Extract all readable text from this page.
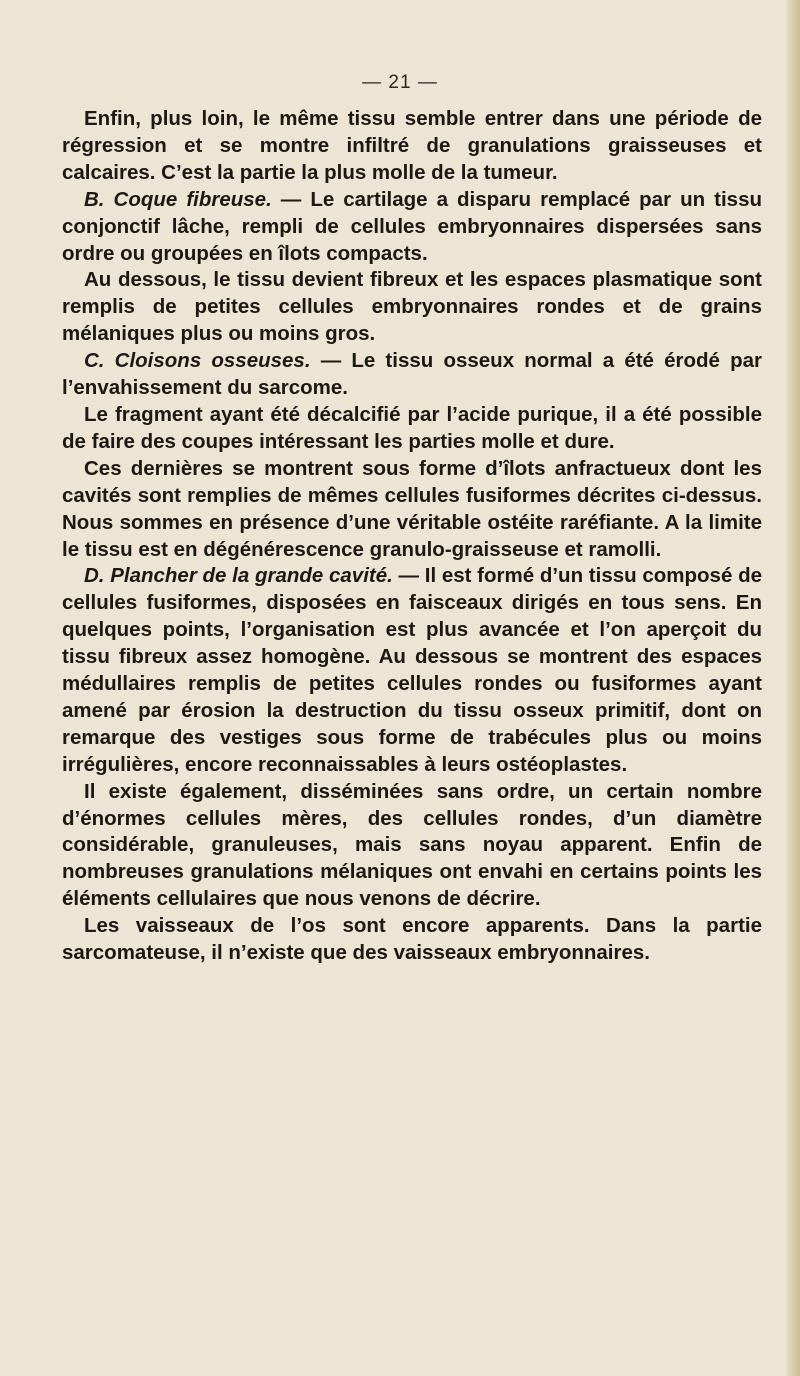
— 21 —

Enfin, plus loin, le même tissu semble entrer dans une période de régression et se montre infiltré de granulations graisseuses et calcaires. C’est la partie la plus molle de la tumeur.

B. Coque fibreuse. — Le cartilage a disparu remplacé par un tissu conjonctif lâche, rempli de cellules embryonnaires dispersées sans ordre ou groupées en îlots compacts.

Au dessous, le tissu devient fibreux et les espaces plasmatique sont remplis de petites cellules embryonnaires rondes et de grains mélaniques plus ou moins gros.

C. Cloisons osseuses. — Le tissu osseux normal a été érodé par l’envahissement du sarcome.

Le fragment ayant été décalcifié par l’acide purique, il a été possible de faire des coupes intéressant les parties molle et dure.

Ces dernières se montrent sous forme d’îlots anfractueux dont les cavités sont remplies de mêmes cellules fusiformes décrites ci-dessus. Nous sommes en présence d’une véritable ostéite raréfiante. A la limite le tissu est en dégénérescence granulo-graisseuse et ramolli.

D. Plancher de la grande cavité. — Il est formé d’un tissu composé de cellules fusiformes, disposées en faisceaux dirigés en tous sens. En quelques points, l’organisation est plus avancée et l’on aperçoit du tissu fibreux assez homogène. Au dessous se montrent des espaces médullaires remplis de petites cellules rondes ou fusiformes ayant amené par érosion la destruction du tissu osseux primitif, dont on remarque des vestiges sous forme de trabécules plus ou moins irrégulières, encore reconnaissables à leurs ostéoplastes.

Il existe également, disséminées sans ordre, un certain nombre d’énormes cellules mères, des cellules rondes, d’un diamètre considérable, granuleuses, mais sans noyau apparent. Enfin de nombreuses granulations mélaniques ont envahi en certains points les éléments cellulaires que nous venons de décrire.

Les vaisseaux de l’os sont encore apparents. Dans la partie sarcomateuse, il n’existe que des vaisseaux embryonnaires.
